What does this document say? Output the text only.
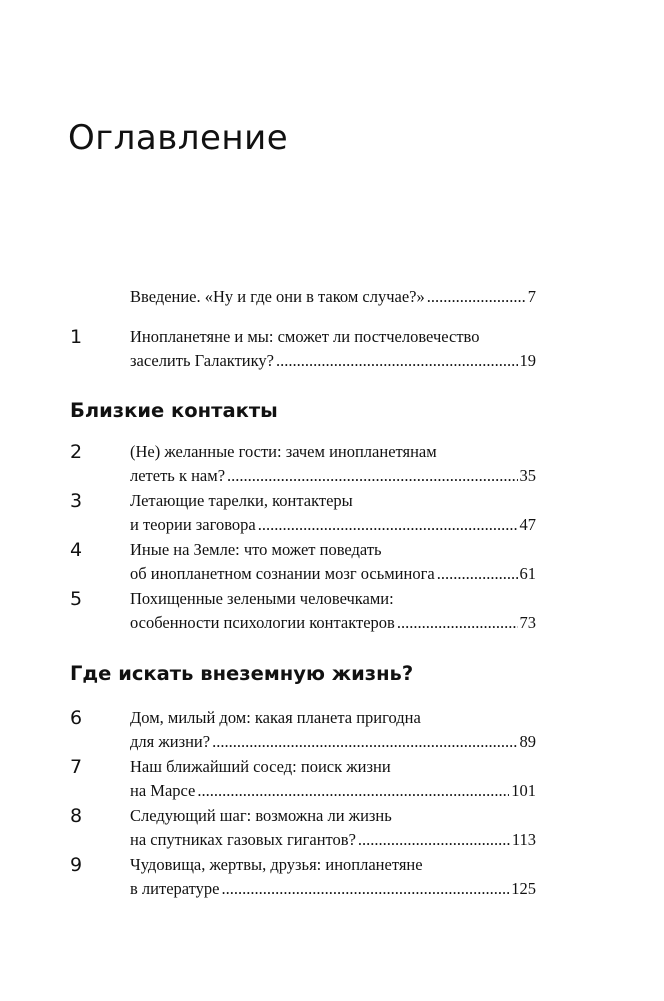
Оглавление
Введение. «Ну и где они в таком случае?» .....	7
1	Инопланетяне и мы: сможет ли постчеловечество
заселить Галактику? .....	19
Близкие контакты
2	(Не) желанные гости: зачем инопланетянам
лететь к нам? .....	35
3	Летающие тарелки, контактеры
и теории заговора .....	47
4	Иные на Земле: что может поведать
об инопланетном сознании мозг осьминога .....	61
5	Похищенные зелеными человечками:
особенности психологии контактеров .....	73
Где искать внеземную жизнь?
6	Дом, милый дом: какая планета пригодна
для жизни? .....	89
7	Наш ближайший сосед: поиск жизни
на Марсе .....	101
8	Следующий шаг: возможна ли жизнь
на спутниках газовых гигантов? .....	113
9	Чудовища, жертвы, друзья: инопланетяне
в литературе .....	125
